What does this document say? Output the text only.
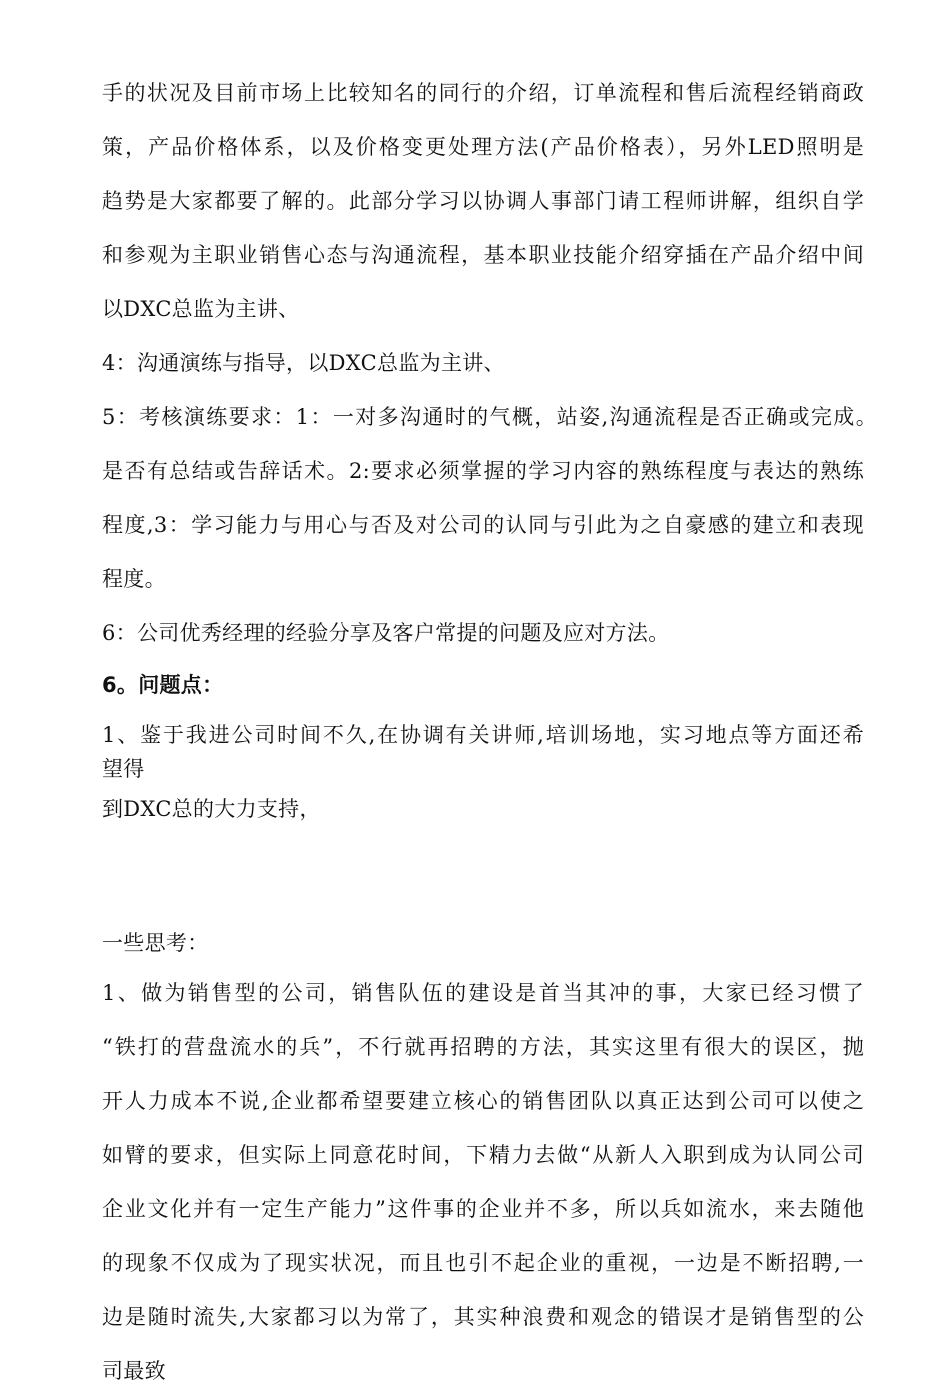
手的状况及目前市场上比较知名的同行的介绍，订单流程和售后流程经销商政
策，产品价格体系，以及价格变更处理方法(产品价格表），另外LED照明是
趋势是大家都要了解的。此部分学习以协调人事部门请工程师讲解，组织自学
和参观为主职业销售心态与沟通流程，基本职业技能介绍穿插在产品介绍中间
以DXC总监为主讲、
4：沟通演练与指导，以DXC总监为主讲、
5：考核演练要求：1：一对多沟通时的气概，站姿,沟通流程是否正确或完成。
是否有总结或告辞话术。2:要求必须掌握的学习内容的熟练程度与表达的熟练
程度,3：学习能力与用心与否及对公司的认同与引此为之自豪感的建立和表现
程度。
6：公司优秀经理的经验分享及客户常提的问题及应对方法。
6。问题点：
1、鉴于我进公司时间不久,在协调有关讲师,培训场地，实习地点等方面还希
望得
到DXC总的大力支持，
一些思考：
1、做为销售型的公司，销售队伍的建设是首当其冲的事，大家已经习惯了
“铁打的营盘流水的兵”，不行就再招聘的方法，其实这里有很大的误区，抛
开人力成本不说,企业都希望要建立核心的销售团队以真正达到公司可以使之
如臂的要求，但实际上同意花时间，下精力去做“从新人入职到成为认同公司
企业文化并有一定生产能力”这件事的企业并不多，所以兵如流水，来去随他
的现象不仅成为了现实状况，而且也引不起企业的重视，一边是不断招聘,一
边是随时流失,大家都习以为常了，其实种浪费和观念的错误才是销售型的公
司最致
